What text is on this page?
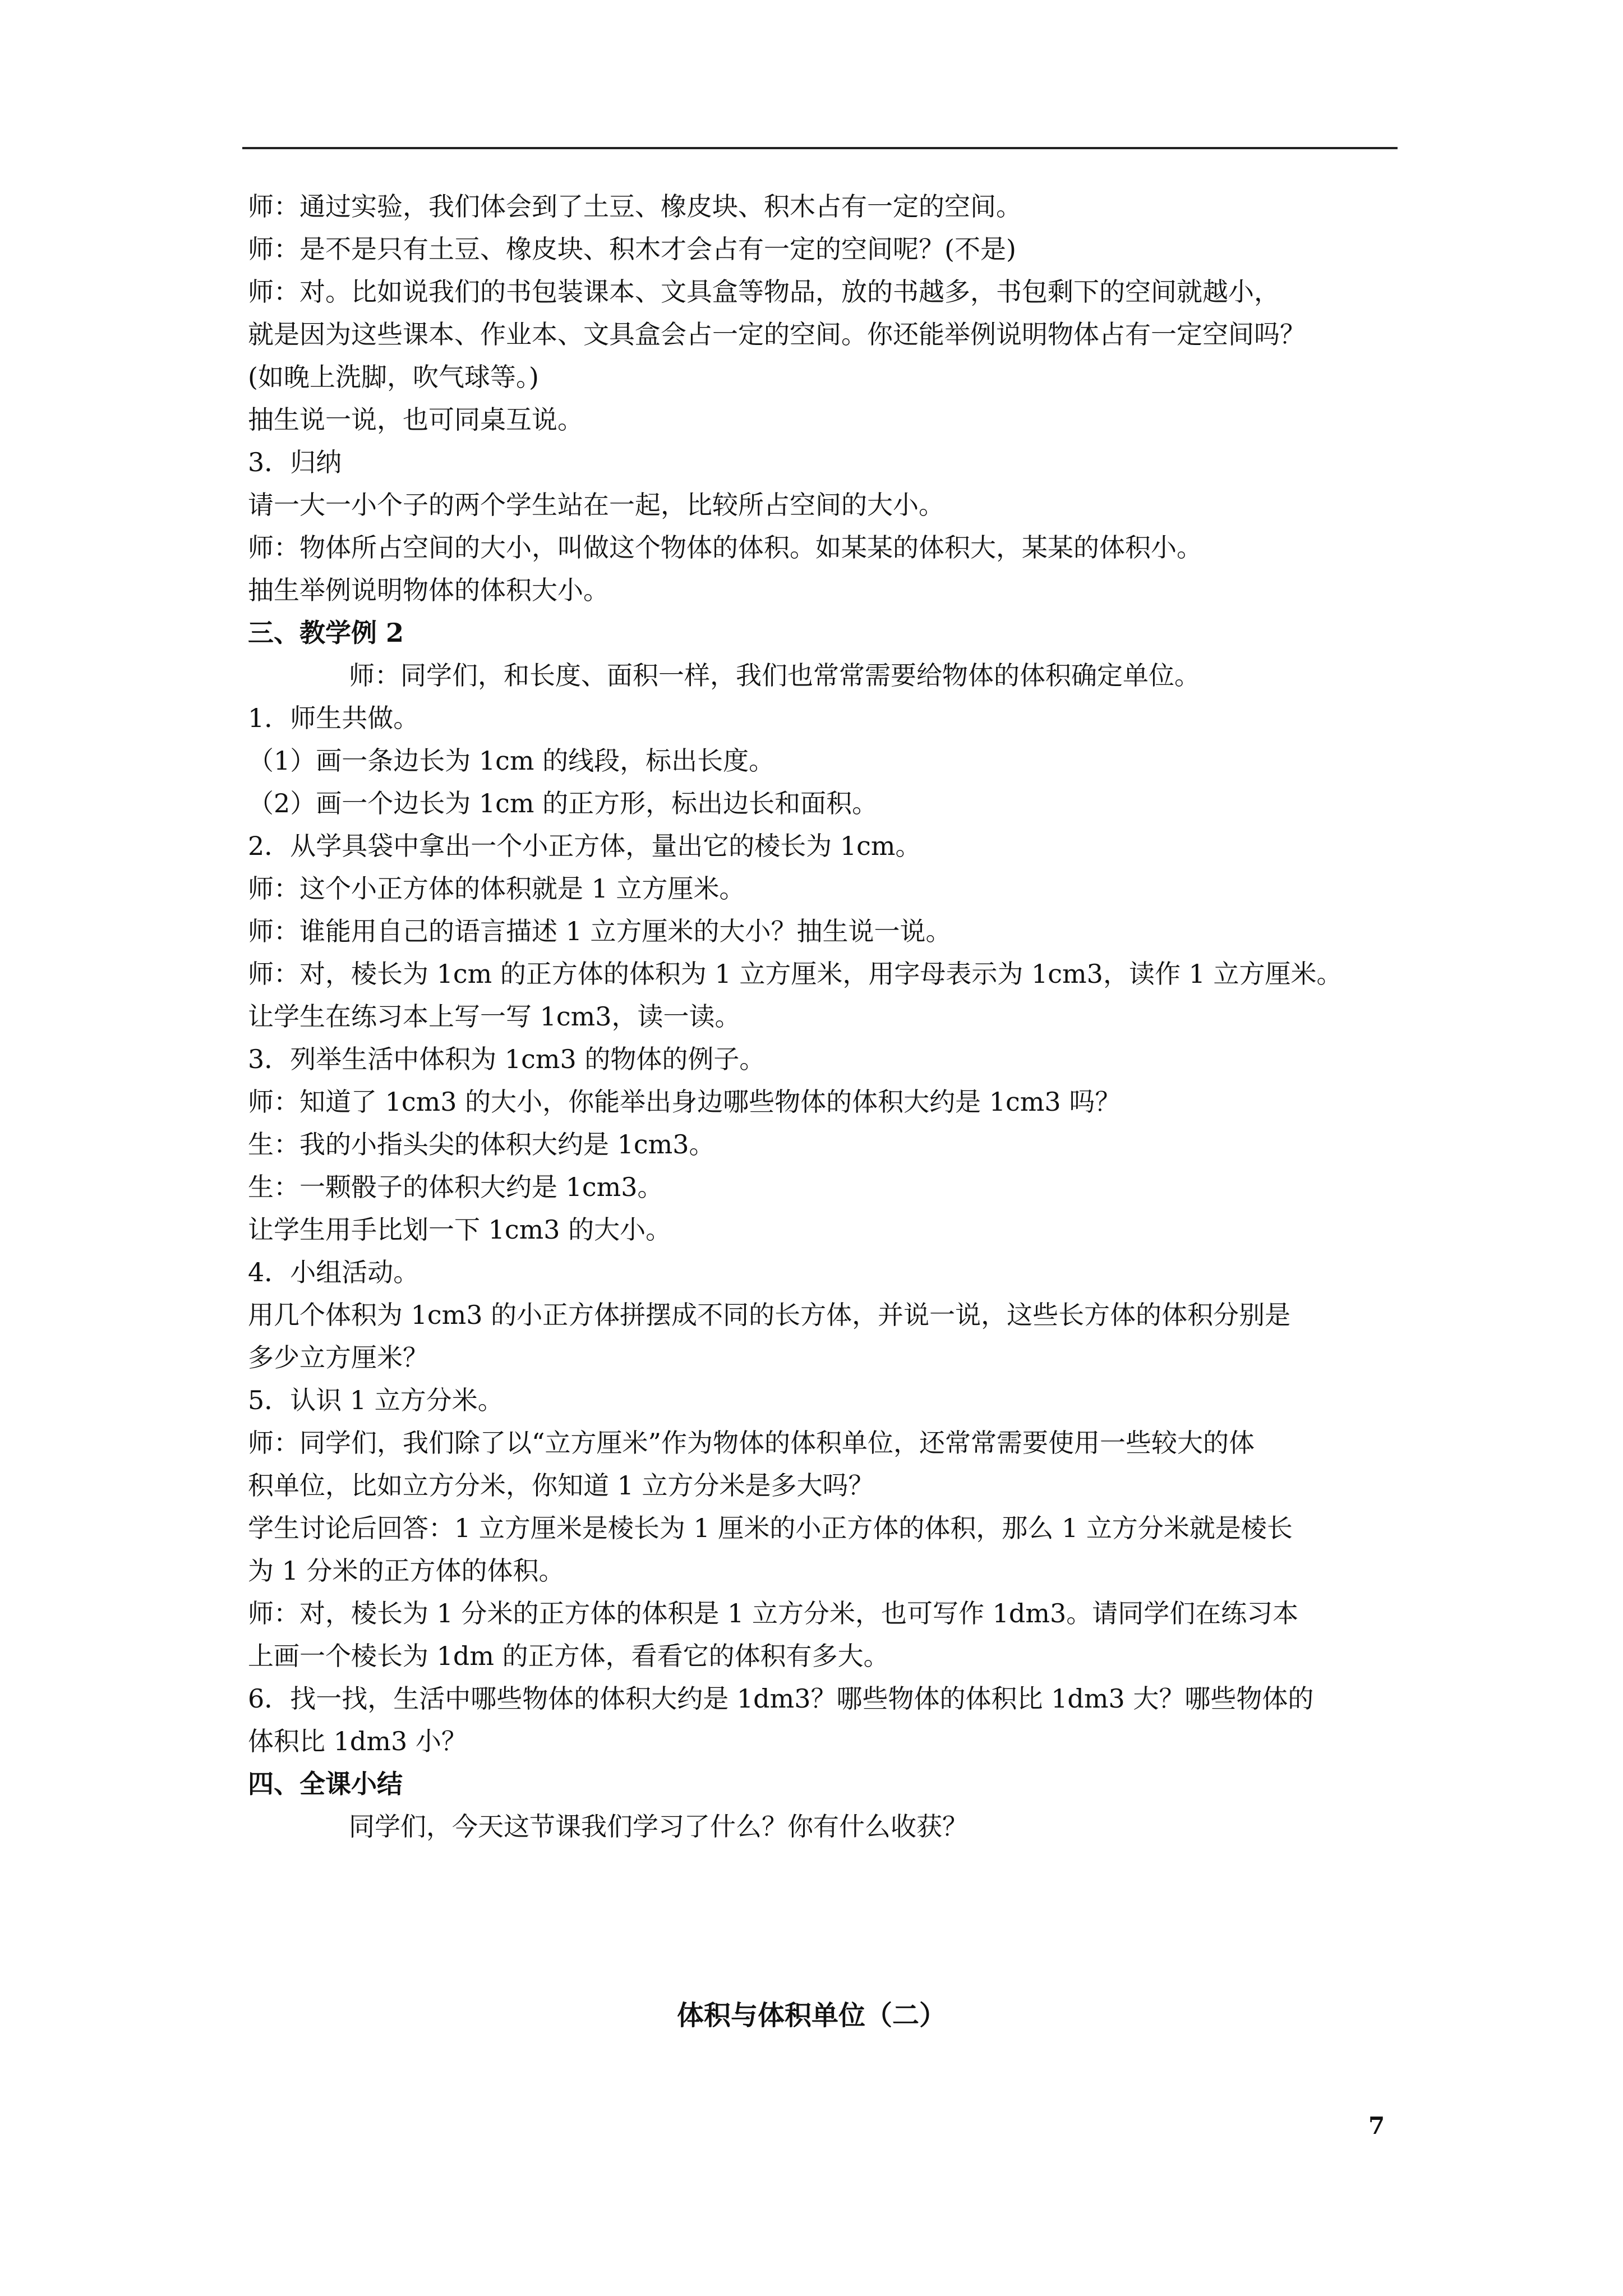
师：通过实验，我们体会到了土豆、橡皮块、积木占有一定的空间。
师：是不是只有土豆、橡皮块、积木才会占有一定的空间呢？(不是)
师：对。比如说我们的书包装课本、文具盒等物品，放的书越多，书包剩下的空间就越小，
就是因为这些课本、作业本、文具盒会占一定的空间。你还能举例说明物体占有一定空间吗？
(如晚上洗脚，吹气球等。)
抽生说一说，也可同桌互说。
3．归纳
请一大一小个子的两个学生站在一起，比较所占空间的大小。
师：物体所占空间的大小，叫做这个物体的体积。如某某的体积大，某某的体积小。
抽生举例说明物体的体积大小。
三、教学例 2
师：同学们，和长度、面积一样，我们也常常需要给物体的体积确定单位。
1．师生共做。
（1）画一条边长为 1cm 的线段，标出长度。
（2）画一个边长为 1cm 的正方形，标出边长和面积。
2．从学具袋中拿出一个小正方体，量出它的棱长为 1cm。
师：这个小正方体的体积就是 1 立方厘米。
师：谁能用自己的语言描述 1 立方厘米的大小？抽生说一说。
师：对，棱长为 1cm 的正方体的体积为 1 立方厘米，用字母表示为 1cm3，读作 1 立方厘米。
让学生在练习本上写一写 1cm3，读一读。
3．列举生活中体积为 1cm3 的物体的例子。
师：知道了 1cm3 的大小，你能举出身边哪些物体的体积大约是 1cm3 吗？
生：我的小指头尖的体积大约是 1cm3。
生：一颗骰子的体积大约是 1cm3。
让学生用手比划一下 1cm3 的大小。
4．小组活动。
用几个体积为 1cm3 的小正方体拼摆成不同的长方体，并说一说，这些长方体的体积分别是
多少立方厘米？
5．认识 1 立方分米。
师：同学们，我们除了以“立方厘米”作为物体的体积单位，还常常需要使用一些较大的体
积单位，比如立方分米，你知道 1 立方分米是多大吗？
学生讨论后回答：1 立方厘米是棱长为 1 厘米的小正方体的体积，那么 1 立方分米就是棱长
为 1 分米的正方体的体积。
师：对，棱长为 1 分米的正方体的体积是 1 立方分米，也可写作 1dm3。请同学们在练习本
上画一个棱长为 1dm 的正方体，看看它的体积有多大。
6．找一找，生活中哪些物体的体积大约是 1dm3？哪些物体的体积比 1dm3 大？哪些物体的
体积比 1dm3 小？
四、全课小结
同学们，今天这节课我们学习了什么？你有什么收获？
体积与体积单位（二）
7
